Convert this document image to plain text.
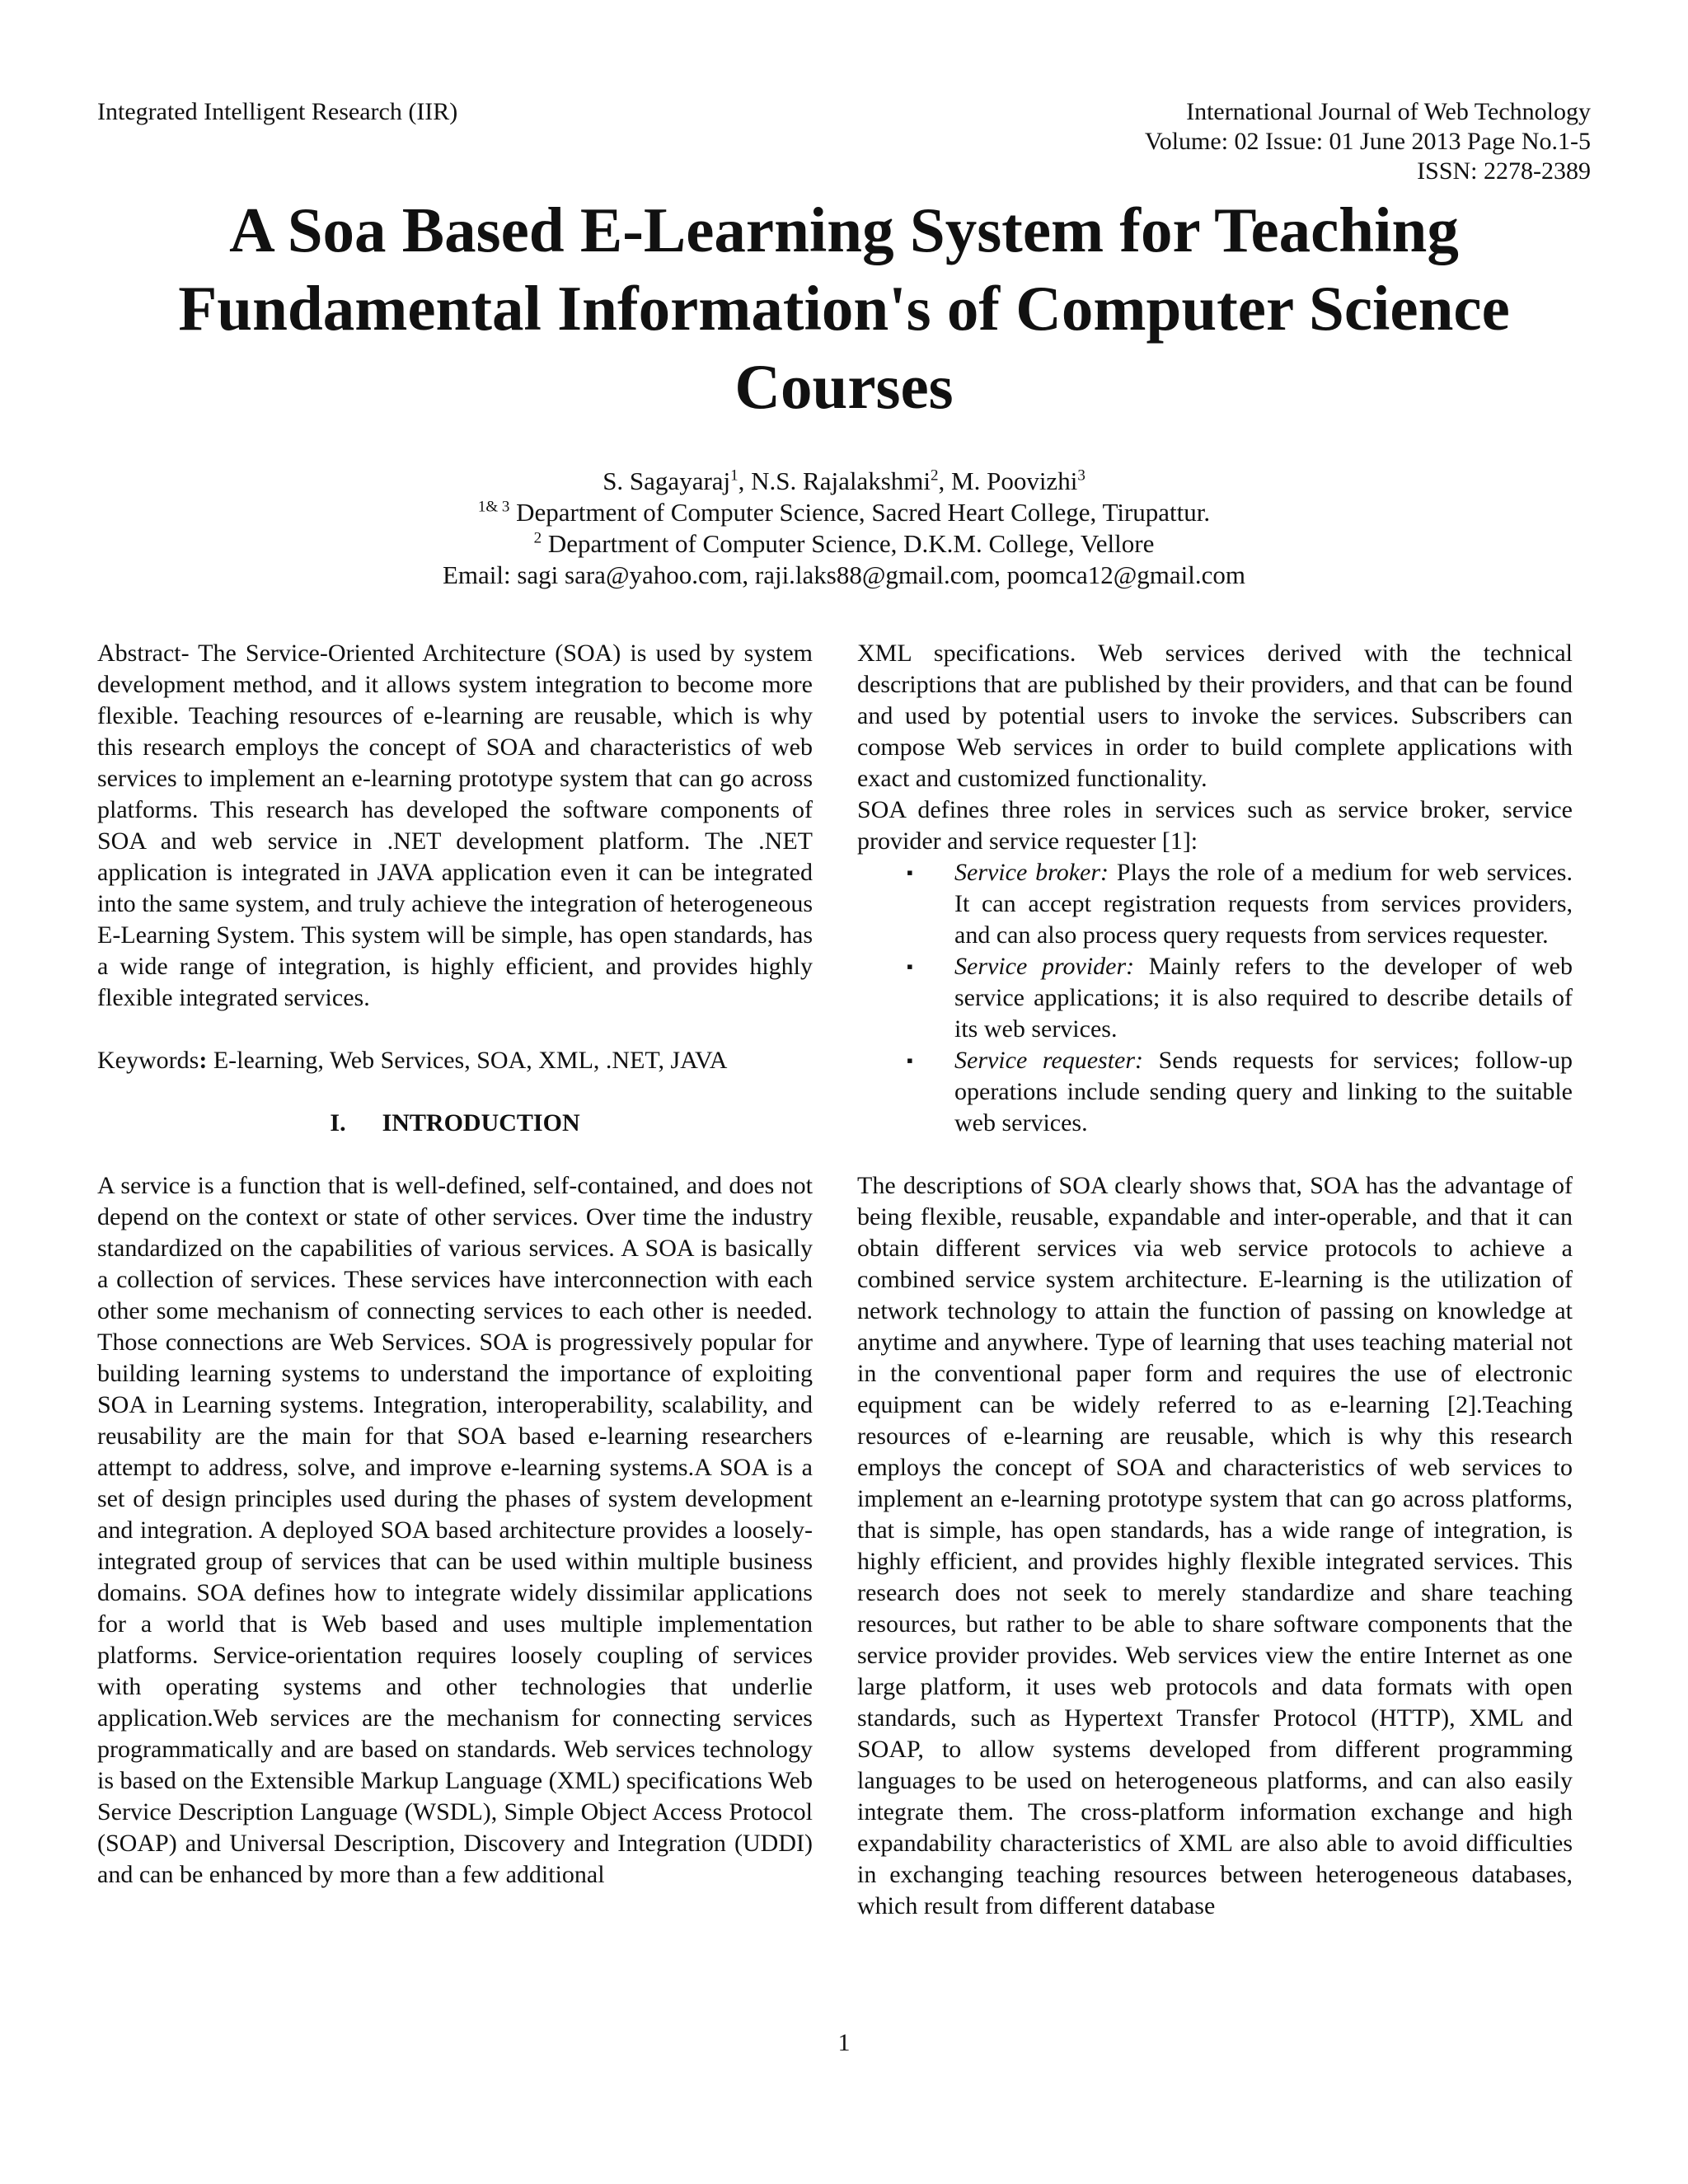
Integrated Intelligent Research (IIR)	International Journal of Web Technology
Volume: 02 Issue: 01 June 2013 Page No.1-5
ISSN: 2278-2389
A Soa Based E-Learning System for Teaching
Fundamental Information's of Computer Science
Courses
S. Sagayaraj$^1$, N.S. Rajalakshmi$^2$, M. Poovizhi$^3$
$^{1\& 3}$ Department of Computer Science, Sacred Heart College, Tirupattur.
$^2$ Department of Computer Science, D.K.M. College, Vellore
Email: sagi sara@yahoo.com, raji.laks88@gmail.com, poomca12@gmail.com

Abstract- The Service-Oriented Architecture (SOA) is used by system development method, and it allows system integration to become more flexible. Teaching resources of e-learning are reusable, which is why this research employs the concept of SOA and characteristics of web services to implement an e-learning prototype system that can go across platforms. This research has developed the software components of SOA and web service in .NET development platform. The .NET application is integrated in JAVA application even it can be integrated into the same system, and truly achieve the integration of heterogeneous E-Learning System. This system will be simple, has open standards, has a wide range of integration, is highly efficient, and provides highly flexible integrated services.

Keywords: E-learning, Web Services, SOA, XML, .NET, JAVA

I. INTRODUCTION

A service is a function that is well-defined, self-contained, and does not depend on the context or state of other services. Over time the industry standardized on the capabilities of various services. A SOA is basically a collection of services. These services have interconnection with each other some mechanism of connecting services to each other is needed. Those connections are Web Services. SOA is progressively popular for building learning systems to understand the importance of exploiting SOA in Learning systems. Integration, interoperability, scalability, and reusability are the main for that SOA based e-learning researchers attempt to address, solve, and improve e-learning systems.A SOA is a set of design principles used during the phases of system development and integration. A deployed SOA based architecture provides a loosely-integrated group of services that can be used within multiple business domains. SOA defines how to integrate widely dissimilar applications for a world that is Web based and uses multiple implementation platforms. Service-orientation requires loosely coupling of services with operating systems and other technologies that underlie application.Web services are the mechanism for connecting services programmatically and are based on standards. Web services technology is based on the Extensible Markup Language (XML) specifications Web Service Description Language (WSDL), Simple Object Access Protocol (SOAP) and Universal Description, Discovery and Integration (UDDI) and can be enhanced by more than a few additional

XML specifications. Web services derived with the technical descriptions that are published by their providers, and that can be found and used by potential users to invoke the services. Subscribers can compose Web services in order to build complete applications with exact and customized functionality.

SOA defines three roles in services such as service broker, service provider and service requester [1]:

▪
Service broker: Plays the role of a medium for web services. It can accept registration requests from services providers, and can also process query requests from services requester.
▪
Service provider: Mainly refers to the developer of web service applications; it is also required to describe details of its web services.
▪
Service requester: Sends requests for services; follow-up operations include sending query and linking to the suitable web services.

The descriptions of SOA clearly shows that, SOA has the advantage of being flexible, reusable, expandable and inter-operable, and that it can obtain different services via web service protocols to achieve a combined service system architecture. E-learning is the utilization of network technology to attain the function of passing on knowledge at anytime and anywhere. Type of learning that uses teaching material not in the conventional paper form and requires the use of electronic equipment can be widely referred to as e-learning [2].Teaching resources of e-learning are reusable, which is why this research employs the concept of SOA and characteristics of web services to implement an e-learning prototype system that can go across platforms, that is simple, has open standards, has a wide range of integration, is highly efficient, and provides highly flexible integrated services. This research does not seek to merely standardize and share teaching resources, but rather to be able to share software components that the service provider provides. Web services view the entire Internet as one large platform, it uses web protocols and data formats with open standards, such as Hypertext Transfer Protocol (HTTP), XML and SOAP, to allow systems developed from different programming languages to be used on heterogeneous platforms, and can also easily integrate them. The cross-platform information exchange and high expandability characteristics of XML are also able to avoid difficulties in exchanging teaching resources between heterogeneous databases, which result from different database

1
